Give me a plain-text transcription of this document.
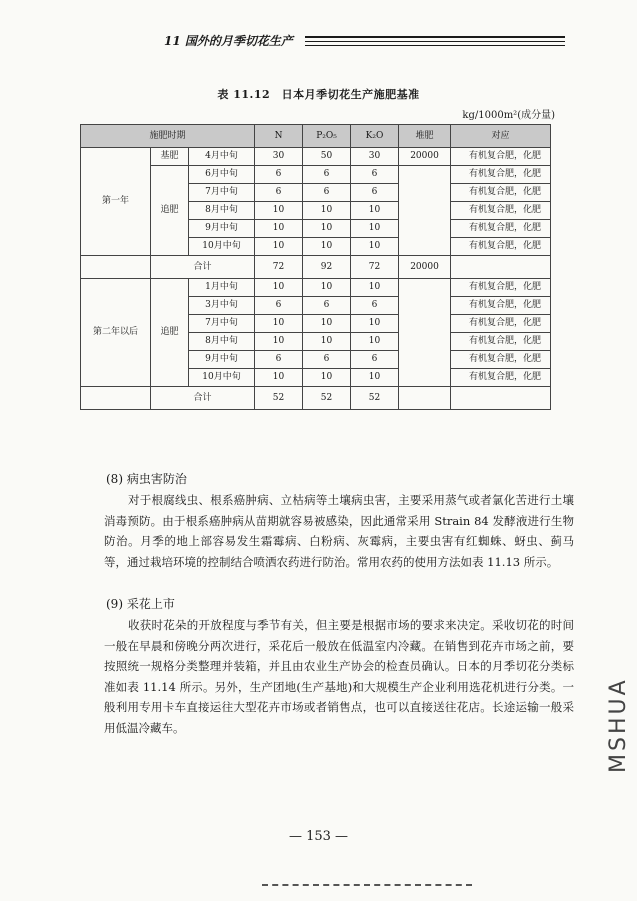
11 国外的月季切花生产
表 11.12　日本月季切花生产施肥基准
kg/1000m²(成分量)
施肥时期			N	P₂O₅	K₂O	堆肥	对应
第一年	基肥	4月中旬	30	50	30	20000	有机复合肥，化肥
	追肥	6月中旬	6	6	6		有机复合肥，化肥
		7月中旬	6	6	6		有机复合肥，化肥
		8月中旬	10	10	10		有机复合肥，化肥
		9月中旬	10	10	10		有机复合肥，化肥
		10月中旬	10	10	10		有机复合肥，化肥
	合计		72	92	72	20000	
第二年以后	追肥	1月中旬	10	10	10		有机复合肥，化肥
		3月中旬	6	6	6		有机复合肥，化肥
		7月中旬	10	10	10		有机复合肥，化肥
		8月中旬	10	10	10		有机复合肥，化肥
		9月中旬	6	6	6		有机复合肥，化肥
		10月中旬	10	10	10		有机复合肥，化肥
	合计		52	52	52		
(8) 病虫害防治

对于根腐线虫、根系癌肿病、立枯病等土壤病虫害，主要采用蒸气或者氯化苦进行土壤消毒预防。由于根系癌肿病从苗期就容易被感染，因此通常采用 Strain 84 发酵液进行生物防治。月季的地上部容易发生霜霉病、白粉病、灰霉病，主要虫害有红蜘蛛、蚜虫、蓟马等，通过栽培环境的控制结合喷洒农药进行防治。常用农药的使用方法如表 11.13 所示。

(9) 采花上市

收获时花朵的开放程度与季节有关，但主要是根据市场的要求来决定。采收切花的时间一般在早晨和傍晚分两次进行，采花后一般放在低温室内冷藏。在销售到花卉市场之前，要按照统一规格分类整理并装箱，并且由农业生产协会的检查员确认。日本的月季切花分类标准如表 11.14 所示。另外，生产团地(生产基地)和大规模生产企业利用选花机进行分类。一般利用专用卡车直接运往大型花卉市场或者销售点，也可以直接送往花店。长途运输一般采用低温冷藏车。

— 153 —
MSHUA
